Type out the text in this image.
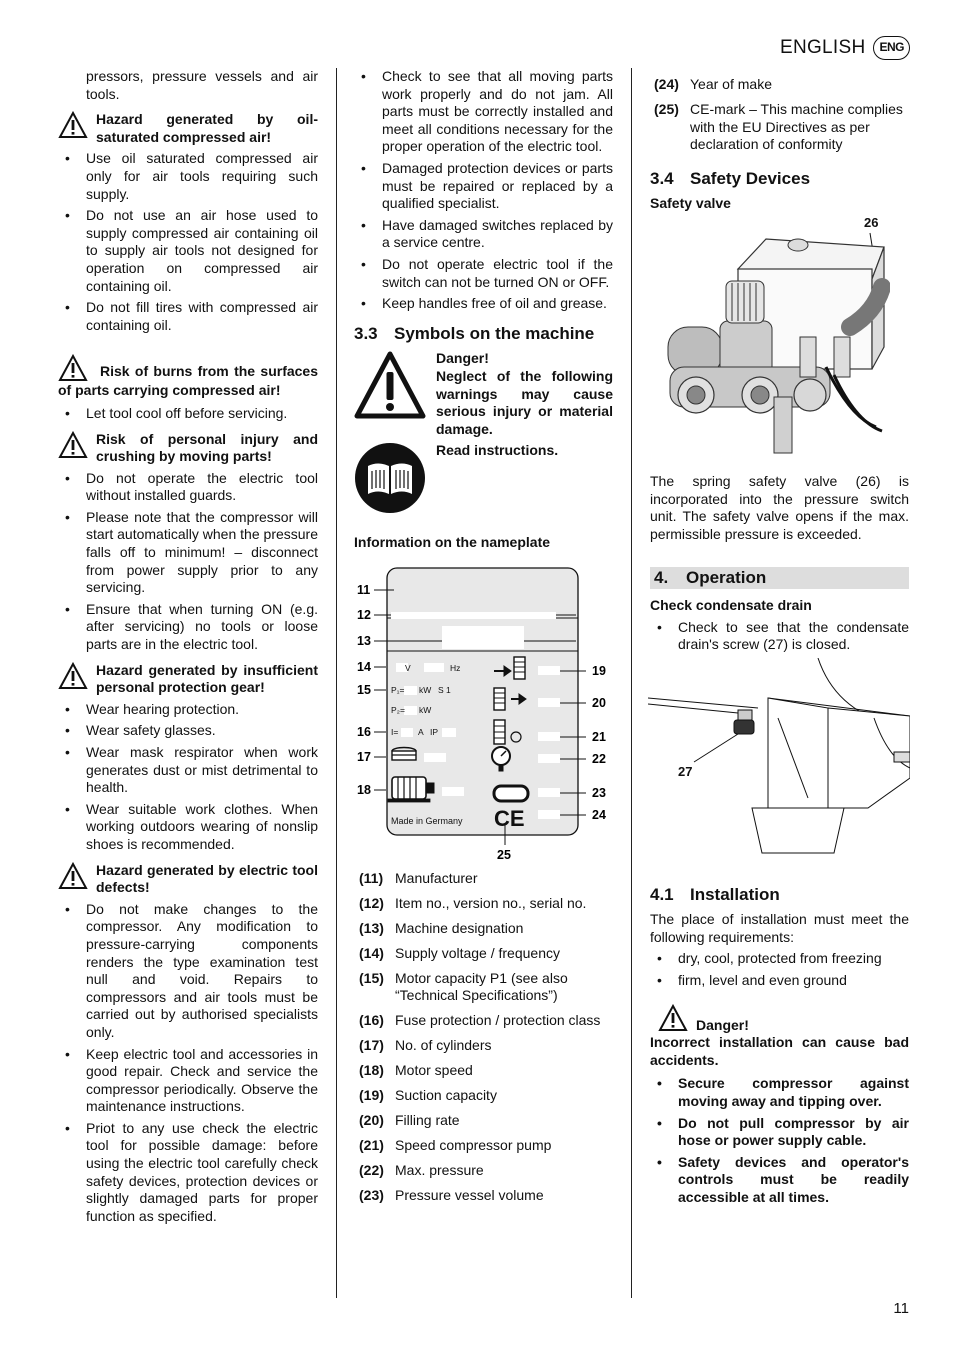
ENGLISH	ENG

pressors, pressure vessels and air tools.

Hazard generated by oil-saturated compressed air!
• Use oil saturated compressed air only for air tools requiring such supply.
• Do not use an air hose used to supply compressed air containing oil to supply air tools not designed for operation on compressed air containing oil.
• Do not fill tires with compressed air containing oil.
Risk of burns from the surfaces of parts carrying compressed air!
• Let tool cool off before servicing.
Risk of personal injury and crushing by moving parts!
• Do not operate the electric tool without installed guards.
• Please note that the compressor will start automatically when the pressure falls off to minimum! – disconnect from power supply prior to any servicing.
• Ensure that when turning ON (e.g. after servicing) no tools or loose parts are in the electric tool.
Hazard generated by insufficient personal protection gear!
• Wear hearing protection.
• Wear safety glasses.
• Wear mask respirator when work generates dust or mist detrimental to health.
• Wear suitable work clothes. When working outdoors wearing of nonslip shoes is recommended.
Hazard generated by electric tool defects!
• Do not make changes to the compressor. Any modification to pressure-carrying components renders the type examination test null and void. Repairs to compressors and air tools must be carried out by authorised specialists only.
• Keep electric tool and accessories in good repair. Check and service the compressor periodically. Observe the maintenance instructions.
• Priot to any use check the electric tool for possible damage: before using the electric tool carefully check safety devices, protection devices or slightly damaged parts for proper function as specified.
• Check to see that all moving parts work properly and do not jam. All parts must be correctly installed and meet all conditions necessary for the proper operation of the electric tool.
• Damaged protection devices or parts must be repaired or replaced by a qualified specialist.
• Have damaged switches replaced by a service centre.
• Do not operate electric tool if the switch can not be turned ON or OFF.
• Keep handles free of oil and grease.
3.3 Symbols on the machine
Danger!
Neglect of the following warnings may cause serious injury or material damage.
Read instructions.
Information on the nameplate
11
12
13
14
15
16
17
18
19
20
21
22
23
24
25
V	Hz
P₁= kW S 1
P₂= kW
I= A IP
Made in Germany CE
(11) Manufacturer
(12) Item no., version no., serial no.
(13) Machine designation
(14) Supply voltage / frequency
(15) Motor capacity P1 (see also “Technical Specifications”)
(16) Fuse protection / protection class
(17) No. of cylinders
(18) Motor speed
(19) Suction capacity
(20) Filling rate
(21) Speed compressor pump
(22) Max. pressure
(23) Pressure vessel volume
(24) Year of make
(25) CE-mark – This machine complies with the EU Directives as per declaration of conformity
3.4 Safety Devices
Safety valve
26

The spring safety valve (26) is incorporated into the pressure switch unit. The safety valve opens if the max. permissible pressure is exceeded.

4. Operation
Check condensate drain
• Check to see that the condensate drain's screw (27) is closed.
27
4.1 Installation

The place of installation must meet the following requirements:

• dry, cool, protected from freezing
• firm, level and even ground
Danger!

Incorrect installation can cause bad accidents.

• Secure compressor against moving away and tipping over.
• Do not pull compressor by air hose or power supply cable.
• Safety devices and operator's controls must be readily accessible at all times.
11
